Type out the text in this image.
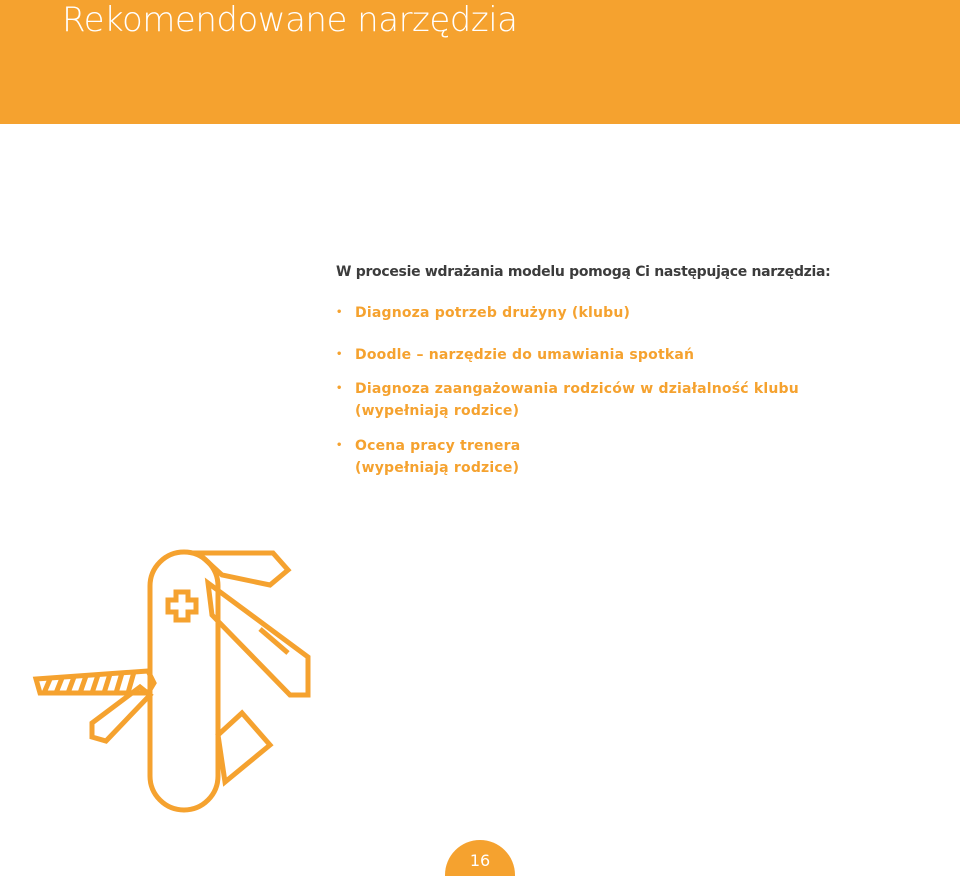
Rekomendowane narzędzia

W procesie wdrażania modelu pomogą Ci następujące narzędzia:

• Diagnoza potrzeb drużyny (klubu)
• Doodle – narzędzie do umawiania spotkań
• Diagnoza zaangażowania rodziców w działalność klubu
(wypełniają rodzice)
• Ocena pracy trenera
(wypełniają rodzice)
16
